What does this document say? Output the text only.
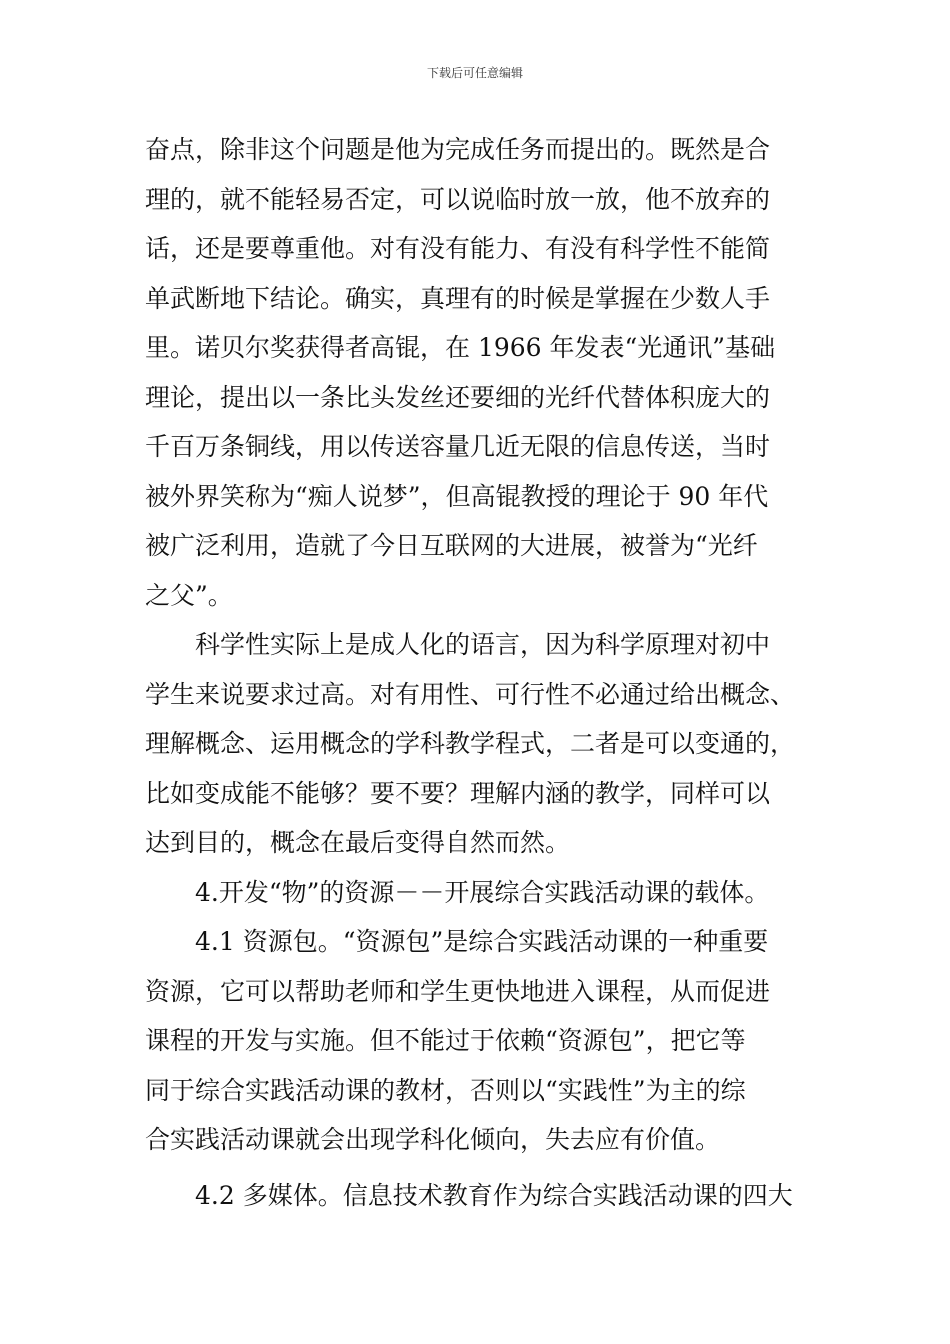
下载后可任意编辑
奋点，除非这个问题是他为完成任务而提出的。既然是合
理的，就不能轻易否定，可以说临时放一放，他不放弃的
话，还是要尊重他。对有没有能力、有没有科学性不能简
单武断地下结论。确实，真理有的时候是掌握在少数人手
里。诺贝尔奖获得者高锟，在 1966 年发表“光通讯”基础
理论，提出以一条比头发丝还要细的光纤代替体积庞大的
千百万条铜线，用以传送容量几近无限的信息传送，当时
被外界笑称为“痴人说梦”，但高锟教授的理论于 90 年代
被广泛利用，造就了今日互联网的大进展，被誉为“光纤
之父”。
科学性实际上是成人化的语言，因为科学原理对初中
学生来说要求过高。对有用性、可行性不必通过给出概念、
理解概念、运用概念的学科教学程式，二者是可以变通的，
比如变成能不能够？要不要？理解内涵的教学，同样可以
达到目的，概念在最后变得自然而然。
4.开发“物”的资源－－开展综合实践活动课的载体。
4.1 资源包。“资源包”是综合实践活动课的一种重要
资源，它可以帮助老师和学生更快地进入课程，从而促进
课程的开发与实施。但不能过于依赖“资源包”，把它等
同于综合实践活动课的教材，否则以“实践性”为主的综
合实践活动课就会出现学科化倾向，失去应有价值。
4.2 多媒体。信息技术教育作为综合实践活动课的四大
